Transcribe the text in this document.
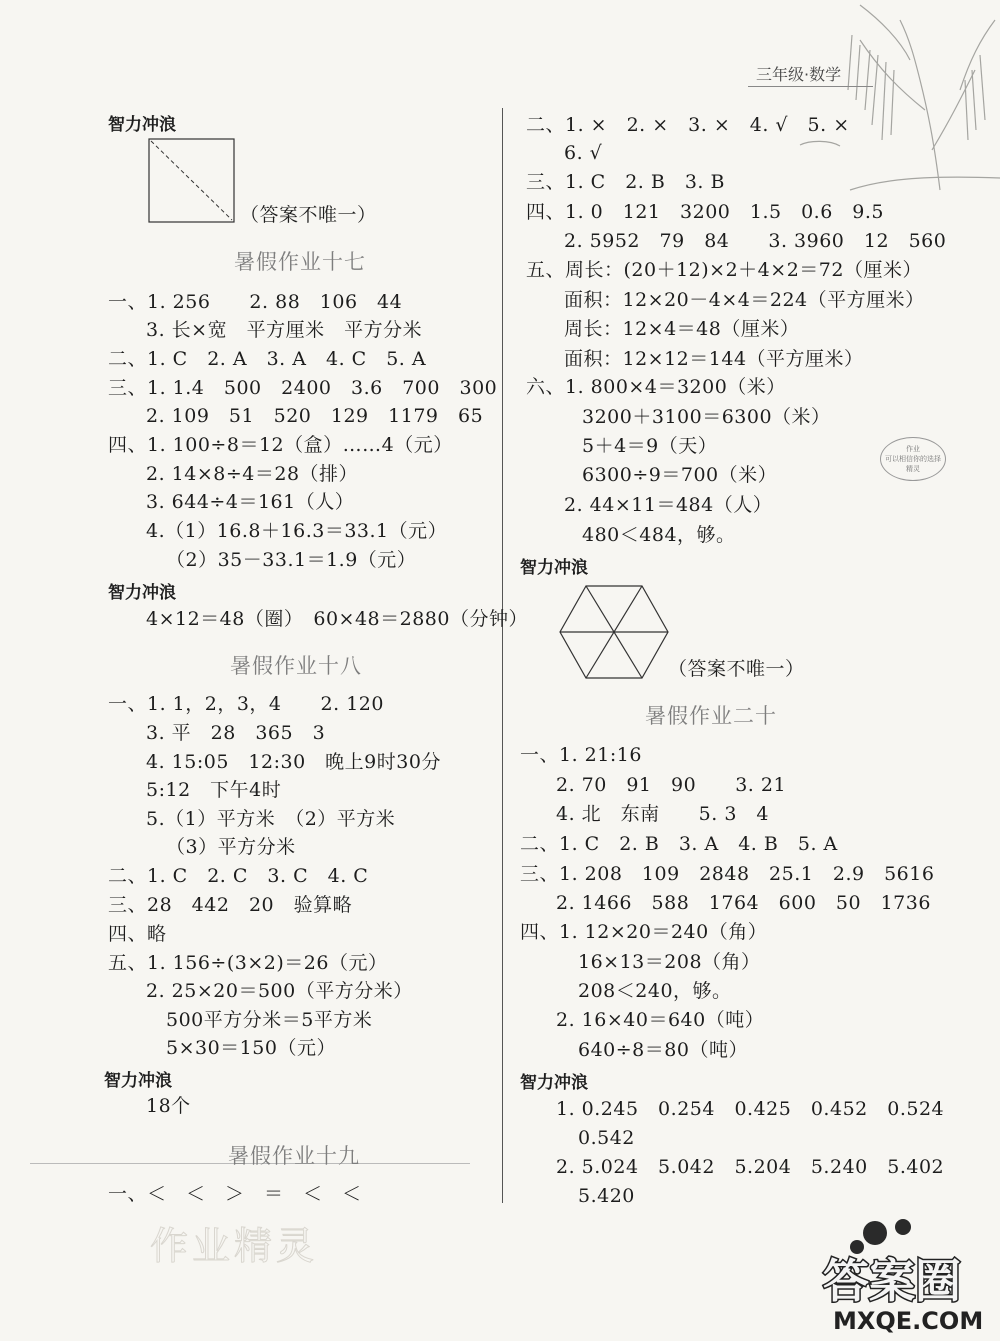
三年级·数学
智力冲浪
（答案不唯一）
暑假作业十七
一、1. 256　　2. 88　106　44
3. 长×宽　平方厘米　平方分米
二、1. C　2. A　3. A　4. C　5. A
三、1. 1.4　500　2400　3.6　700　300
2. 109　51　520　129　1179　65
四、1. 100÷8＝12（盒）……4（元）
2. 14×8÷4＝28（排）
3. 644÷4＝161（人）
4.（1）16.8＋16.3＝33.1（元）
（2）35－33.1＝1.9（元）
智力冲浪
4×12＝48（圈）　60×48＝2880（分钟）
暑假作业十八
一、1. 1，2，3，4　　2. 120
3. 平　28　365　3
4. 15:05　12:30　晚上9时30分
5:12　下午4时
5.（1）平方米　（2）平方米
（3）平方分米
二、1. C　2. C　3. C　4. C
三、28　442　20　验算略
四、略
五、1. 156÷(3×2)＝26（元）
2. 25×20＝500（平方分米）
500平方分米＝5平方米
5×30＝150（元）
智力冲浪
18个
暑假作业十九
一、＜　＜　＞　＝　＜　＜
作业精灵
二、1. ×　2. ×　3. ×　4. √　5. ×
6. √
三、1. C　2. B　3. B
四、1. 0　121　3200　1.5　0.6　9.5
2. 5952　79　84　　3. 3960　12　560
五、周长：(20＋12)×2＋4×2＝72（厘米）
面积：12×20－4×4＝224（平方厘米）
周长：12×4＝48（厘米）
面积：12×12＝144（平方厘米）
六、1. 800×4＝3200（米）
3200＋3100＝6300（米）
5＋4＝9（天）
6300÷9＝700（米）
2. 44×11＝484（人）
480＜484，够。
作业
可以相信你的选择
精灵
智力冲浪
（答案不唯一）
暑假作业二十
一、1. 21:16
2. 70　91　90　　3. 21
4. 北　东南　　5. 3　4
二、1. C　2. B　3. A　4. B　5. A
三、1. 208　109　2848　25.1　2.9　5616
2. 1466　588　1764　600　50　1736
四、1. 12×20＝240（角）
16×13＝208（角）
208＜240，够。
2. 16×40＝640（吨）
640÷8＝80（吨）
智力冲浪
1. 0.245　0.254　0.425　0.452　0.524
0.542
2. 5.024　5.042　5.204　5.240　5.402
5.420
答案圈
MXQE.COM
